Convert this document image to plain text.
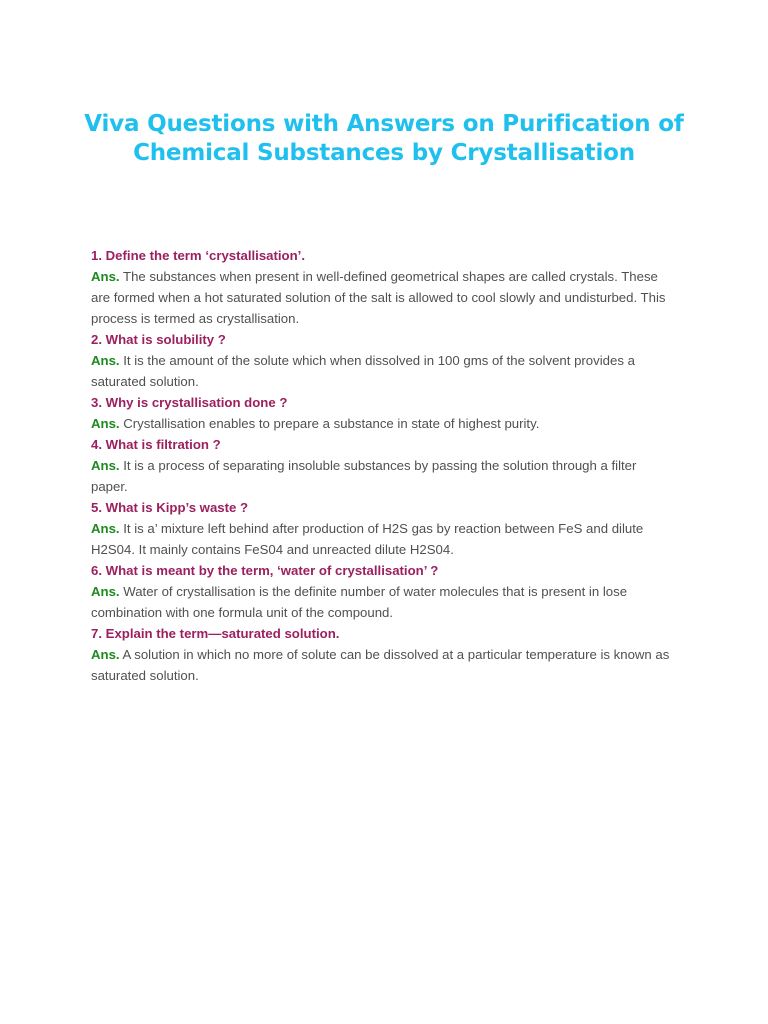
Viva Questions with Answers on Purification of Chemical Substances by Crystallisation

1. Define the term ‘crystallisation’.

Ans. The substances when present in well-defined geometrical shapes are called crystals. These are formed when a hot saturated solution of the salt is allowed to cool slowly and undisturbed. This process is termed as crystallisation.

2. What is solubility ?

Ans. It is the amount of the solute which when dissolved in 100 gms of the solvent provides a saturated solution.

3. Why is crystallisation done ?

Ans. Crystallisation enables to prepare a substance in state of highest purity.

4. What is filtration ?

Ans. It is a process of separating insoluble substances by passing the solution through a filter paper.

5. What is Kipp’s waste ?

Ans. It is a’ mixture left behind after production of H2S gas by reaction between FeS and dilute H2S04. It mainly contains FeS04 and unreacted dilute H2S04.

6. What is meant by the term, ‘water of crystallisation’ ?

Ans. Water of crystallisation is the definite number of water molecules that is present in lose combination with one formula unit of the compound.

7. Explain the term—saturated solution.

Ans. A solution in which no more of solute can be dissolved at a particular temperature is known as saturated solution.
